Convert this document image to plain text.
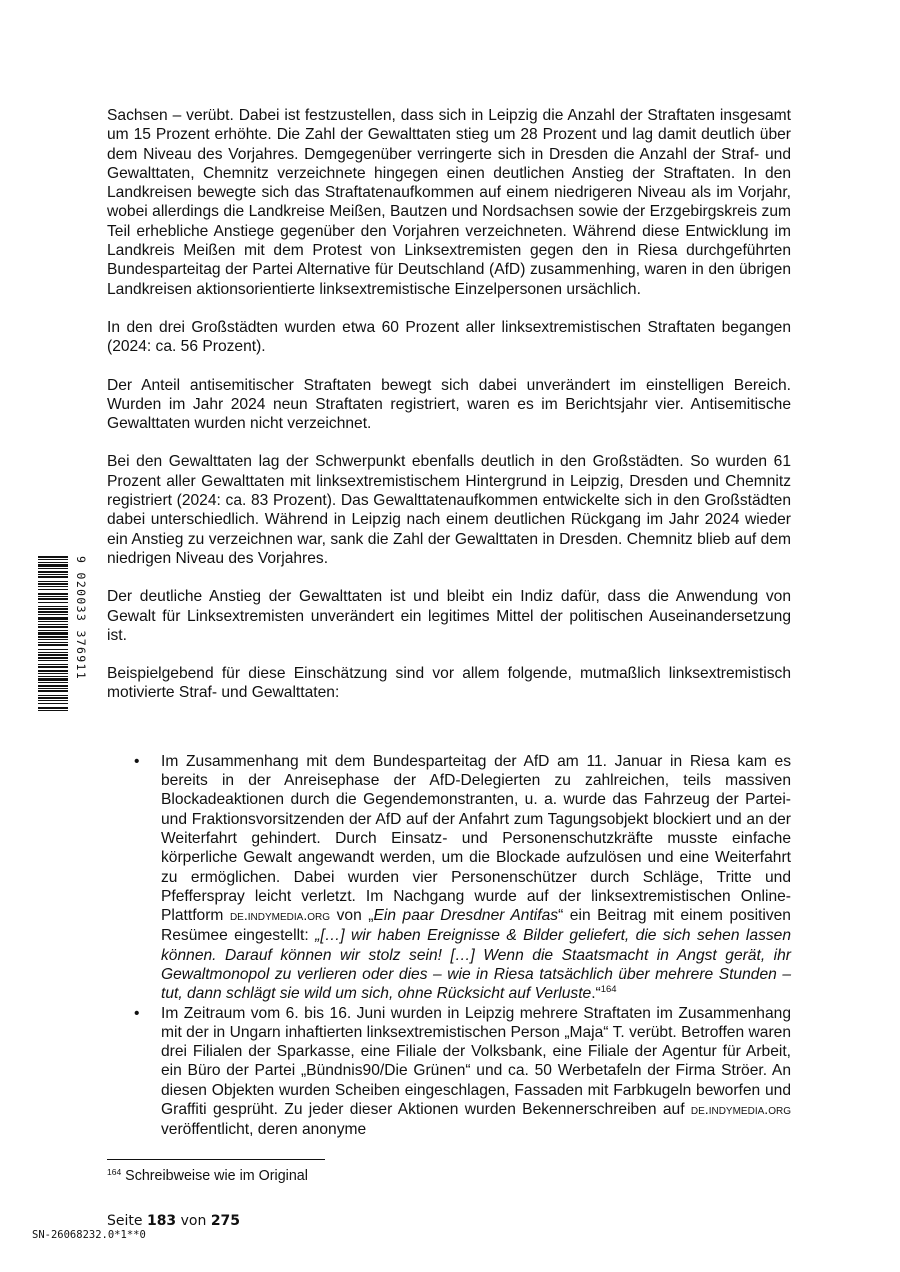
9 020033 376911

Sachsen – verübt. Dabei ist festzustellen, dass sich in Leipzig die Anzahl der Straftaten insgesamt um 15 Prozent erhöhte. Die Zahl der Gewalttaten stieg um 28 Prozent und lag damit deutlich über dem Niveau des Vorjahres. Demgegenüber verringerte sich in Dresden die Anzahl der Straf- und Gewalttaten, Chemnitz verzeichnete hingegen einen deutlichen Anstieg der Straftaten. In den Landkreisen bewegte sich das Straftatenaufkommen auf einem niedrigeren Niveau als im Vorjahr, wobei allerdings die Landkreise Meißen, Bautzen und Nordsachsen sowie der Erzgebirgskreis zum Teil erhebliche Anstiege gegenüber den Vorjahren verzeichneten. Während diese Entwicklung im Landkreis Meißen mit dem Protest von Linksextremisten gegen den in Riesa durchgeführten Bundesparteitag der Partei Alternative für Deutschland (AfD) zusammenhing, waren in den übrigen Landkreisen aktionsorientierte linksextremistische Einzelpersonen ursächlich.

In den drei Großstädten wurden etwa 60 Prozent aller linksextremistischen Straftaten begangen (2024: ca. 56 Prozent).

Der Anteil antisemitischer Straftaten bewegt sich dabei unverändert im einstelligen Bereich. Wurden im Jahr 2024 neun Straftaten registriert, waren es im Berichtsjahr vier. Antisemitische Gewalttaten wurden nicht verzeichnet.

Bei den Gewalttaten lag der Schwerpunkt ebenfalls deutlich in den Großstädten. So wurden 61 Prozent aller Gewalttaten mit linksextremistischem Hintergrund in Leipzig, Dresden und Chemnitz registriert (2024: ca. 83 Prozent). Das Gewalttatenaufkommen entwickelte sich in den Großstädten dabei unterschiedlich. Während in Leipzig nach einem deutlichen Rückgang im Jahr 2024 wieder ein Anstieg zu verzeichnen war, sank die Zahl der Gewalttaten in Dresden. Chemnitz blieb auf dem niedrigen Niveau des Vorjahres.

Der deutliche Anstieg der Gewalttaten ist und bleibt ein Indiz dafür, dass die Anwendung von Gewalt für Linksextremisten unverändert ein legitimes Mittel der politischen Auseinandersetzung ist.

Beispielgebend für diese Einschätzung sind vor allem folgende, mutmaßlich linksextremistisch motivierte Straf- und Gewalttaten:

• Im Zusammenhang mit dem Bundesparteitag der AfD am 11. Januar in Riesa kam es bereits in der Anreisephase der AfD-Delegierten zu zahlreichen, teils massiven Blockadeaktionen durch die Gegendemonstranten, u. a. wurde das Fahrzeug der Partei- und Fraktionsvorsitzenden der AfD auf der Anfahrt zum Tagungsobjekt blockiert und an der Weiterfahrt gehindert. Durch Einsatz- und Personenschutzkräfte musste einfache körperliche Gewalt angewandt werden, um die Blockade aufzulösen und eine Weiterfahrt zu ermöglichen. Dabei wurden vier Personenschützer durch Schläge, Tritte und Pfefferspray leicht verletzt. Im Nachgang wurde auf der linksextremistischen Online-Plattform de.indymedia.org von „Ein paar Dresdner Antifas“ ein Beitrag mit einem positiven Resümee eingestellt: „[…] wir haben Ereignisse & Bilder geliefert, die sich sehen lassen können. Darauf können wir stolz sein! […] Wenn die Staatsmacht in Angst gerät, ihr Gewaltmonopol zu verlieren oder dies – wie in Riesa tatsächlich über mehrere Stunden – tut, dann schlägt sie wild um sich, ohne Rücksicht auf Verluste.“$^{164}$
• Im Zeitraum vom 6. bis 16. Juni wurden in Leipzig mehrere Straftaten im Zusammenhang mit der in Ungarn inhaftierten linksextremistischen Person „Maja“ T. verübt. Betroffen waren drei Filialen der Sparkasse, eine Filiale der Volksbank, eine Filiale der Agentur für Arbeit, ein Büro der Partei „Bündnis90/Die Grünen“ und ca. 50 Werbetafeln der Firma Ströer. An diesen Objekten wurden Scheiben eingeschlagen, Fassaden mit Farbkugeln beworfen und Graffiti gesprüht. Zu jeder dieser Aktionen wurden Bekennerschreiben auf de.indymedia.org veröffentlicht, deren anonyme
$^{164}$ Schreibweise wie im Original
Seite 183 von 275
SN-26068232.0*1**0
